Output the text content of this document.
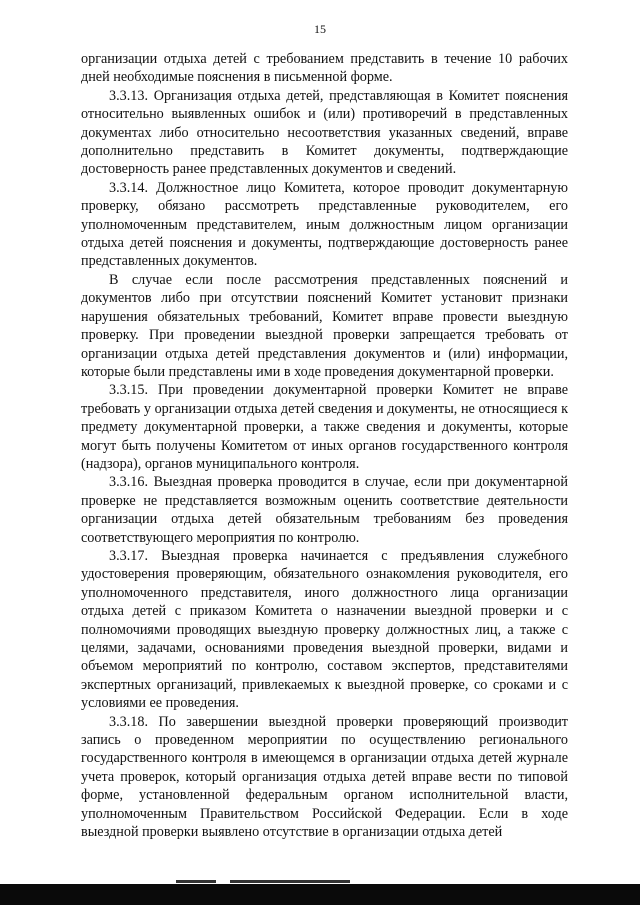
15

организации отдыха детей с требованием представить в течение 10 рабочих дней необходимые пояснения в письменной форме.

3.3.13. Организация отдыха детей, представляющая в Комитет пояснения относительно выявленных ошибок и (или) противоречий в представленных документах либо относительно несоответствия указанных сведений, вправе дополнительно представить в Комитет документы, подтверждающие достоверность ранее представленных документов и сведений.

3.3.14. Должностное лицо Комитета, которое проводит документарную проверку, обязано рассмотреть представленные руководителем, его уполномоченным представителем, иным должностным лицом организации отдыха детей пояснения и документы, подтверждающие достоверность ранее представленных документов.

В случае если после рассмотрения представленных пояснений и документов либо при отсутствии пояснений Комитет установит признаки нарушения обязательных требований, Комитет вправе провести выездную проверку. При проведении выездной проверки запрещается требовать от организации отдыха детей представления документов и (или) информации, которые были представлены ими в ходе проведения документарной проверки.

3.3.15. При проведении документарной проверки Комитет не вправе требовать у организации отдыха детей сведения и документы, не относящиеся к предмету документарной проверки, а также сведения и документы, которые могут быть получены Комитетом от иных органов государственного контроля (надзора), органов муниципального контроля.

3.3.16. Выездная проверка проводится в случае, если при документарной проверке не представляется возможным оценить соответствие деятельности организации отдыха детей обязательным требованиям без проведения соответствующего мероприятия по контролю.

3.3.17. Выездная проверка начинается с предъявления служебного удостоверения проверяющим, обязательного ознакомления руководителя, его уполномоченного представителя, иного должностного лица организации отдыха детей с приказом Комитета о назначении выездной проверки и с полномочиями проводящих выездную проверку должностных лиц, а также с целями, задачами, основаниями проведения выездной проверки, видами и объемом мероприятий по контролю, составом экспертов, представителями экспертных организаций, привлекаемых к выездной проверке, со сроками и с условиями ее проведения.

3.3.18. По завершении выездной проверки проверяющий производит запись о проведенном мероприятии по осуществлению регионального государственного контроля в имеющемся в организации отдыха детей журнале учета проверок, который организация отдыха детей вправе вести по типовой форме, установленной федеральным органом исполнительной власти, уполномоченным Правительством Российской Федерации. Если в ходе выездной проверки выявлено отсутствие в организации отдыха детей
